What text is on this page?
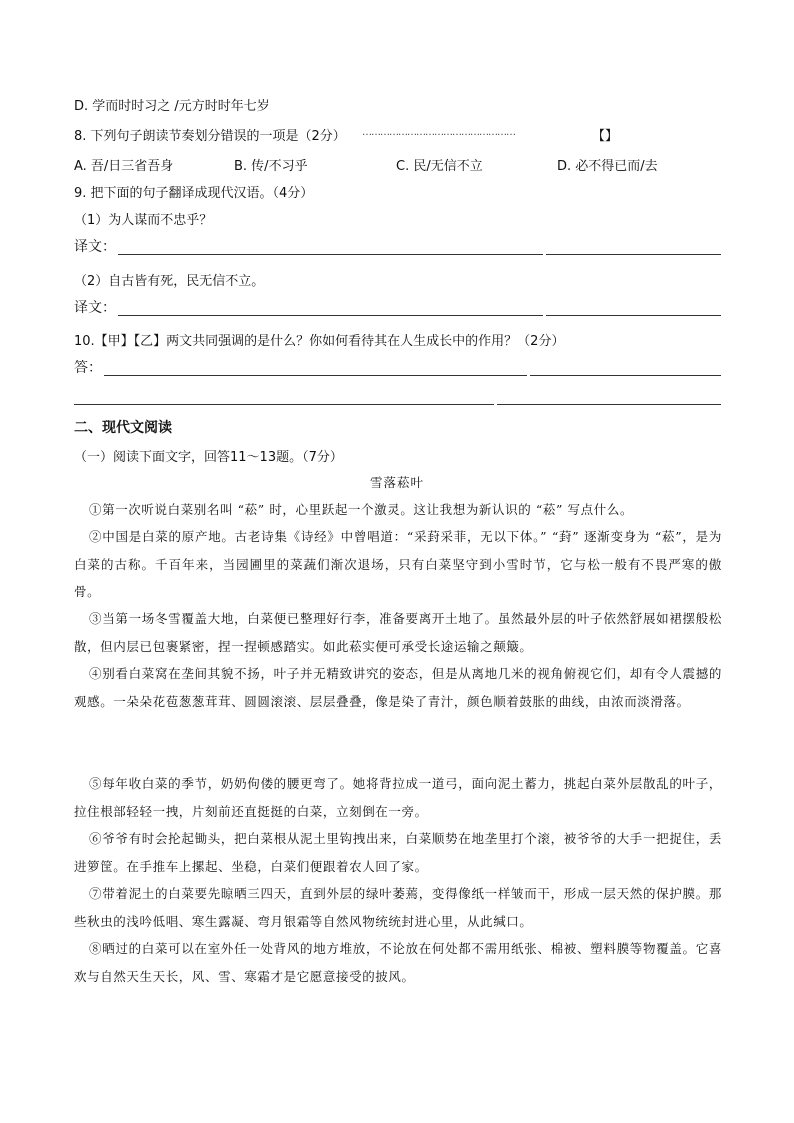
D. 学而时时习之 /元方时时年七岁
8. 下列句子朗读节奏划分错误的一项是（2分） ……………………………………………	【】
A. 吾/日三省吾身	B. 传/不习乎	C. 民/无信不立	D. 必不得已而/去
9. 把下面的句子翻译成现代汉语。（4分）
（1）为人谋而不忠乎？
译文：
（2）自古皆有死，民无信不立。
译文：
10.【甲】【乙】两文共同强调的是什么？你如何看待其在人生成长中的作用？（2分）
答：
二、现代文阅读
（一）阅读下面文字，回答11～13题。（7分）
雪落菘叶
①第一次听说白菜别名叫 “菘” 时，心里跃起一个激灵。这让我想为新认识的 “菘” 写点什么。
②中国是白菜的原产地。古老诗集《诗经》中曾唱道：“采葑采菲，无以下体。” “葑” 逐渐变身为 “菘”，是为白菜的古称。千百年来，当园圃里的菜蔬们渐次退场，只有白菜坚守到小雪时节，它与松一般有不畏严寒的傲骨。
③当第一场冬雪覆盖大地，白菜便已整理好行李，准备要离开土地了。虽然最外层的叶子依然舒展如裙摆般松散，但内层已包裹紧密，捏一捏顿感踏实。如此菘实便可承受长途运输之颠簸。
④别看白菜窝在垄间其貌不扬，叶子并无精致讲究的姿态，但是从离地几米的视角俯视它们，却有令人震撼的观感。一朵朵花苞葱葱茸茸、圆圆滚滚、层层叠叠，像是染了青汁，颜色顺着鼓胀的曲线，由浓而淡滑落。
⑤每年收白菜的季节，奶奶佝偻的腰更弯了。她将背拉成一道弓，面向泥土蓄力，挑起白菜外层散乱的叶子，拉住根部轻轻一拽，片刻前还直挺挺的白菜，立刻倒在一旁。
⑥爷爷有时会抡起锄头，把白菜根从泥土里钩拽出来，白菜顺势在地垄里打个滚，被爷爷的大手一把捉住，丢进箩筐。在手推车上摞起、坐稳，白菜们便跟着农人回了家。
⑦带着泥土的白菜要先晾晒三四天，直到外层的绿叶萎蔫，变得像纸一样皱而干，形成一层天然的保护膜。那些秋虫的浅吟低唱、寒生露凝、弯月银霜等自然风物统统封进心里，从此缄口。
⑧晒过的白菜可以在室外任一处背风的地方堆放，不论放在何处都不需用纸张、棉被、塑料膜等物覆盖。它喜欢与自然天生天长，风、雪、寒霜才是它愿意接受的披风。
